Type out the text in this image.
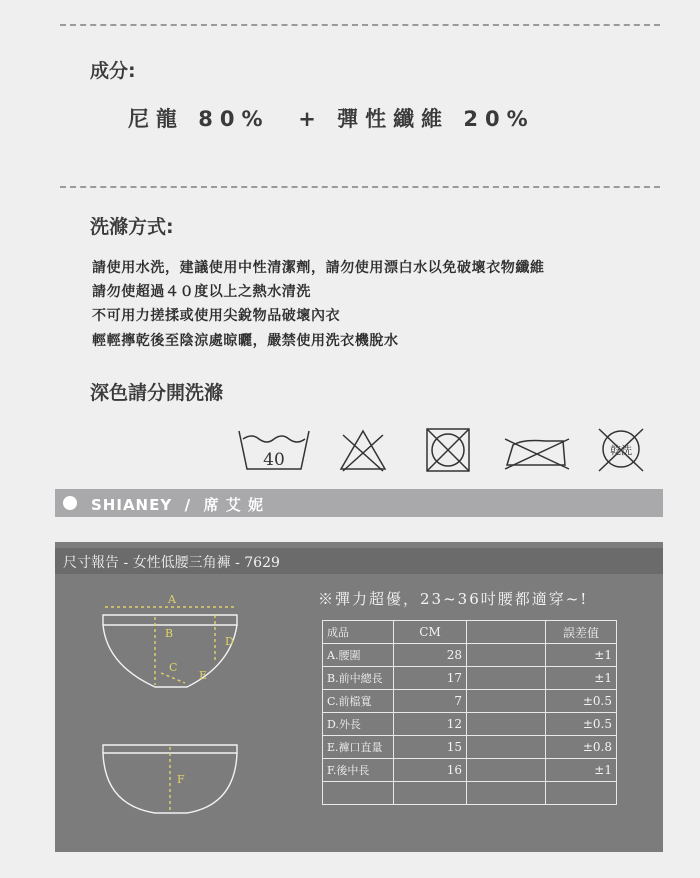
成分:
尼龍 80%  + 彈性纖維 20%
洗滌方式:
請使用水洗，建議使用中性清潔劑，請勿使用漂白水以免破壞衣物纖維
請勿使超過４０度以上之熱水清洗
不可用力搓揉或使用尖銳物品破壞內衣
輕輕擰乾後至陰涼處晾曬，嚴禁使用洗衣機脫水
深色請分開洗滌
40	乾洗
SHIANEY  /  席 艾 妮
尺寸報告 - 女性低腰三角褲 - 7629
A
B
C
D
E
F
※彈力超優，23~36吋腰都適穿~!
成品	CM		誤差值
A.腰圍	28		±1
B.前中總長	17		±1
C.前檔寬	7		±0.5
D.外長	12		±0.5
E.褲口直量	15		±0.8
F.後中長	16		±1
